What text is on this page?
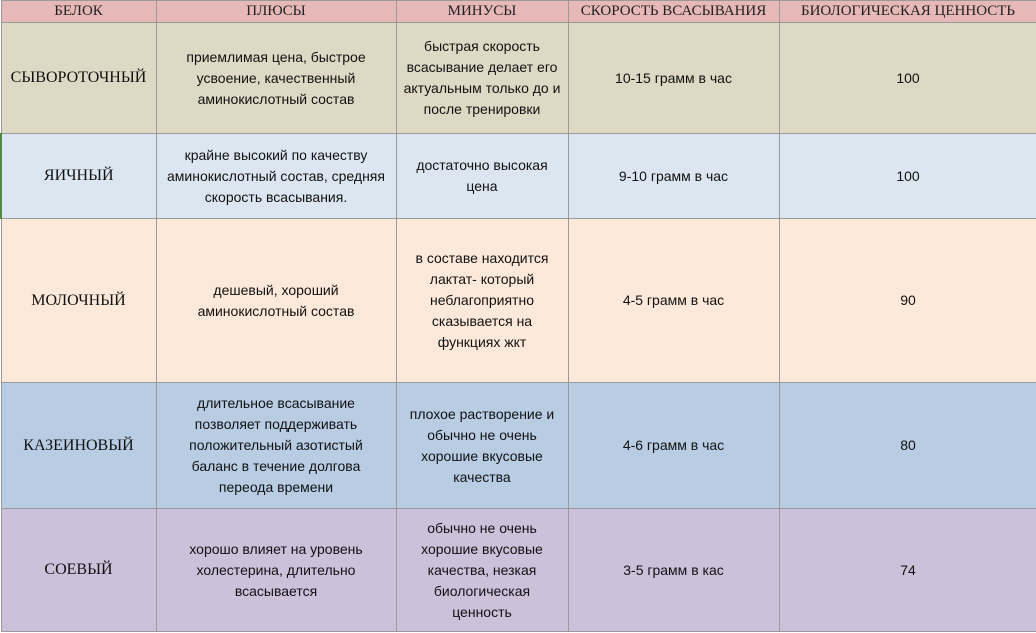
БЕЛОК	ПЛЮСЫ	МИНУСЫ	СКОРОСТЬ ВСАСЫВАНИЯ	БИОЛОГИЧЕСКАЯ ЦЕННОСТЬ
СЫВОРОТОЧНЫЙ	приемлимая цена, быстрое усвоение, качественный аминокислотный состав	быстрая скорость всасывание делает его актуальным только до и после тренировки	10-15 грамм в час	100
ЯИЧНЫЙ	крайне высокий по качеству аминокислотный состав, средняя скорость всасывания.	достаточно высокая цена	9-10 грамм в час	100
МОЛОЧНЫЙ	дешевый, хороший аминокислотный состав	в составе находится лактат- который неблагоприятно сказывается на функциях жкт	4-5 грамм в час	90
КАЗЕИНОВЫЙ	длительное всасывание позволяет поддерживать положительный азотистый баланс в течение долгова переода времени	плохое растворение и обычно не очень хорошие вкусовые качества	4-6 грамм в час	80
СОЕВЫЙ	хорошо влияет на уровень холестерина, длительно всасывается	обычно не очень хорошие вкусовые качества, незкая биологическая ценность	3-5 грамм в кас	74
